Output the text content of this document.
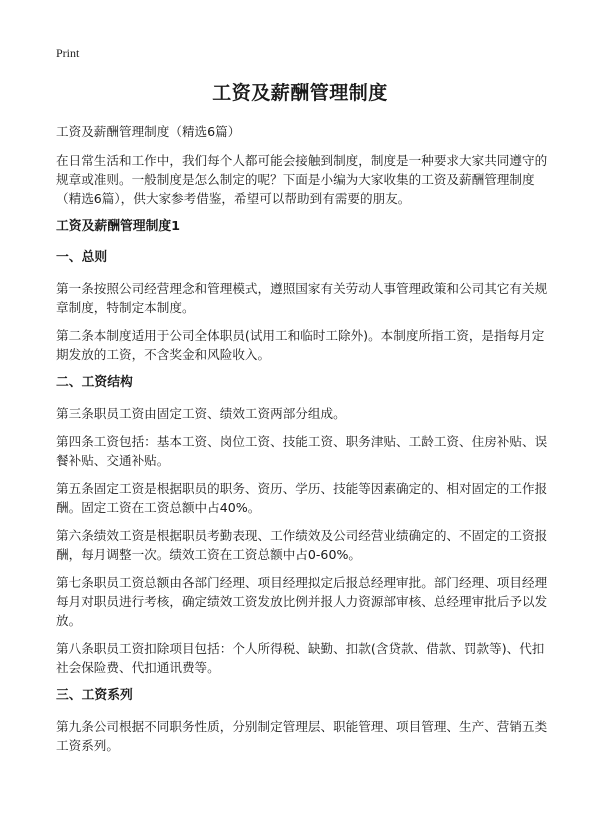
Print
工资及薪酬管理制度
工资及薪酬管理制度（精选6篇）
在日常生活和工作中，我们每个人都可能会接触到制度，制度是一种要求大家共同遵守的规章或准则。一般制度是怎么制定的呢？下面是小编为大家收集的工资及薪酬管理制度（精选6篇），供大家参考借鉴，希望可以帮助到有需要的朋友。
工资及薪酬管理制度1
一、总则
第一条按照公司经营理念和管理模式，遵照国家有关劳动人事管理政策和公司其它有关规章制度，特制定本制度。
第二条本制度适用于公司全体职员(试用工和临时工除外)。本制度所指工资，是指每月定期发放的工资，不含奖金和风险收入。
二、工资结构
第三条职员工资由固定工资、绩效工资两部分组成。
第四条工资包括：基本工资、岗位工资、技能工资、职务津贴、工龄工资、住房补贴、误餐补贴、交通补贴。
第五条固定工资是根据职员的职务、资历、学历、技能等因素确定的、相对固定的工作报酬。固定工资在工资总额中占40%。
第六条绩效工资是根据职员考勤表现、工作绩效及公司经营业绩确定的、不固定的工资报酬，每月调整一次。绩效工资在工资总额中占0-60%。
第七条职员工资总额由各部门经理、项目经理拟定后报总经理审批。部门经理、项目经理每月对职员进行考核，确定绩效工资发放比例并报人力资源部审核、总经理审批后予以发放。
第八条职员工资扣除项目包括：个人所得税、缺勤、扣款(含贷款、借款、罚款等)、代扣社会保险费、代扣通讯费等。
三、工资系列
第九条公司根据不同职务性质，分别制定管理层、职能管理、项目管理、生产、营销五类工资系列。
